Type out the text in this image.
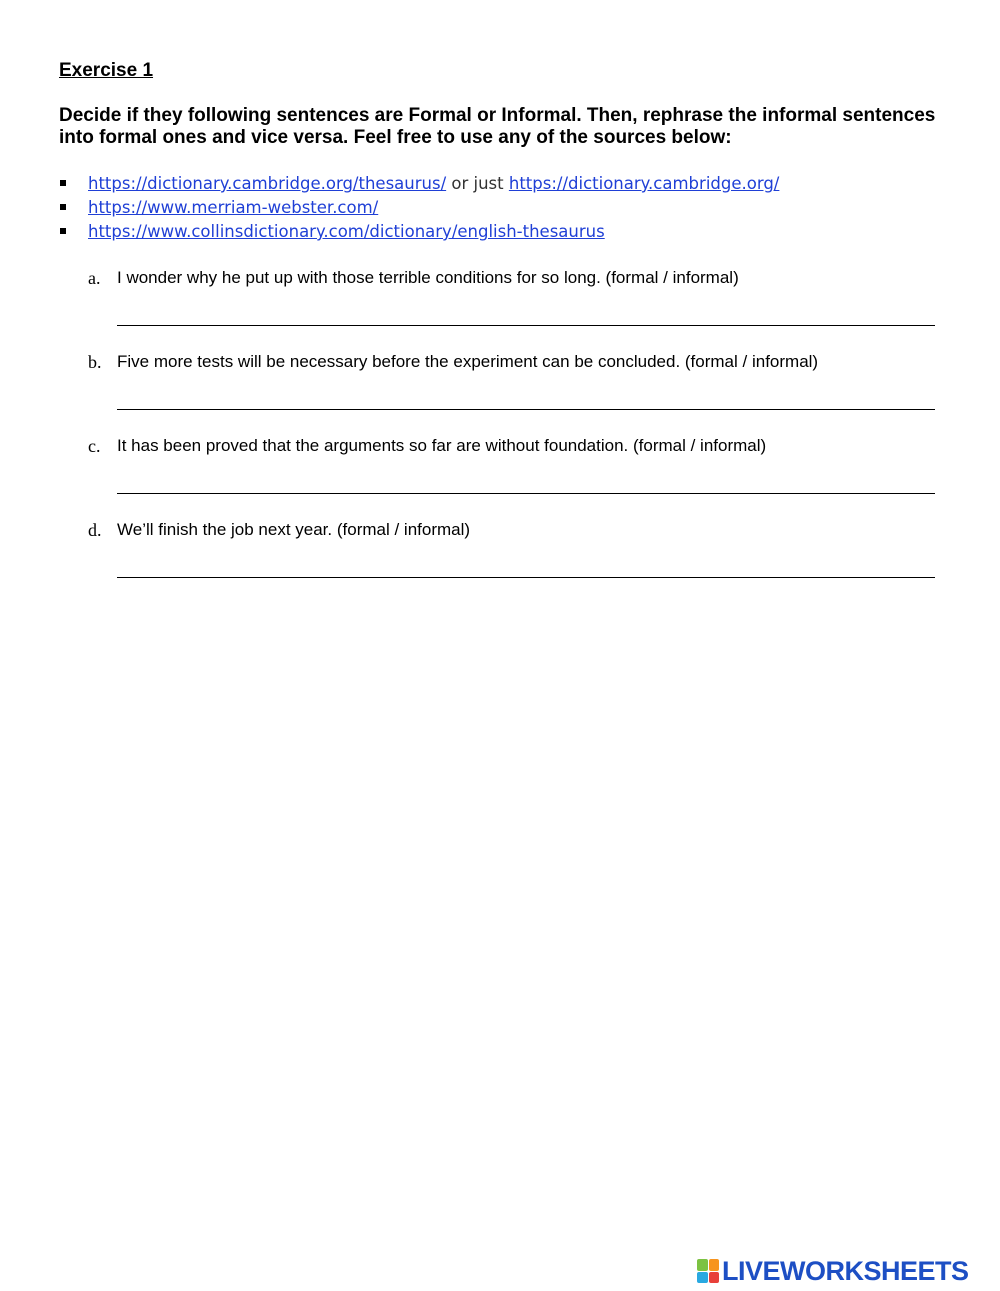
Exercise 1
Decide if they following sentences are Formal or Informal. Then, rephrase the informal sentences into formal ones and vice versa. Feel free to use any of the sources below:
https://dictionary.cambridge.org/thesaurus/ or just https://dictionary.cambridge.org/
https://www.merriam-webster.com/
https://www.collinsdictionary.com/dictionary/english-thesaurus
a. I wonder why he put up with those terrible conditions for so long. (formal / informal)
b. Five more tests will be necessary before the experiment can be concluded. (formal / informal)
c. It has been proved that the arguments so far are without foundation. (formal / informal)
d. We’ll finish the job next year. (formal / informal)
LIVEWORKSHEETS
